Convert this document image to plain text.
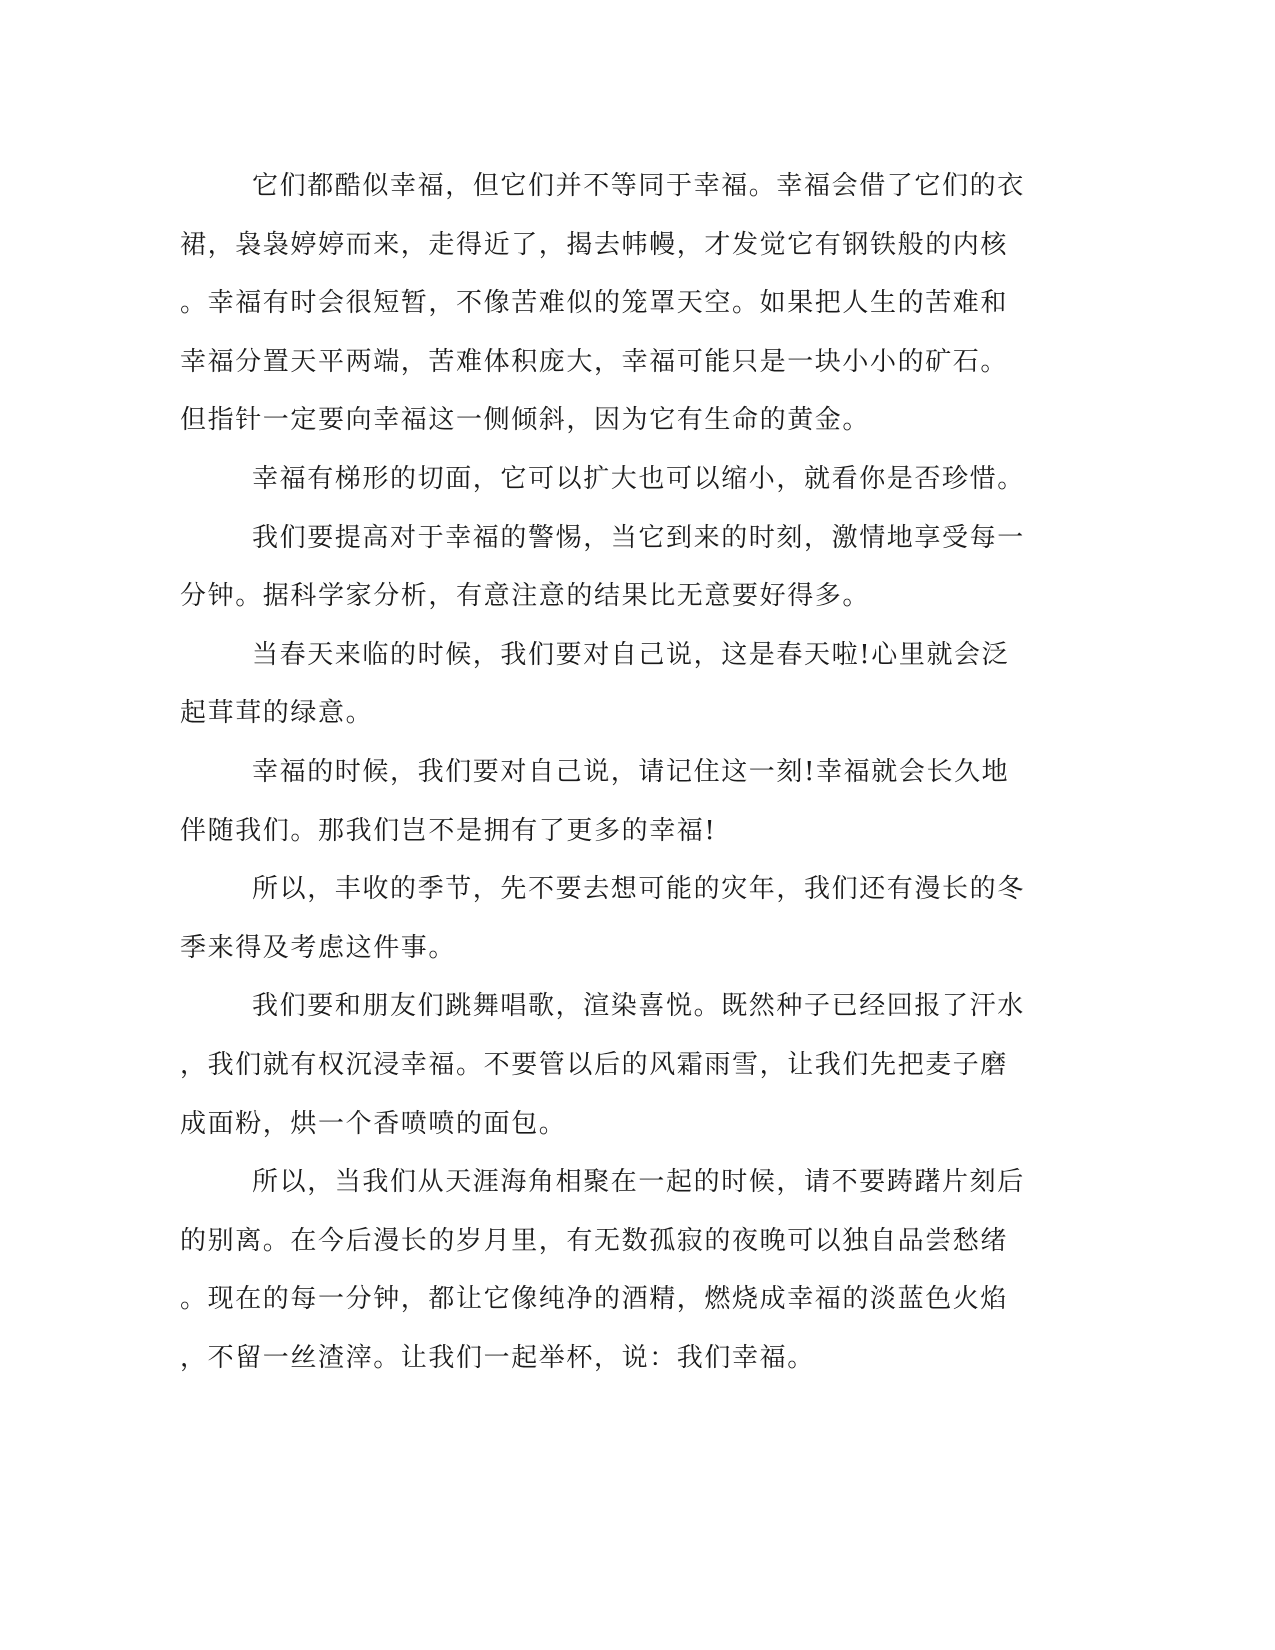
它们都酷似幸福，但它们并不等同于幸福。幸福会借了它们的衣
裙，袅袅婷婷而来，走得近了，揭去帏幔，才发觉它有钢铁般的内核
。幸福有时会很短暂，不像苦难似的笼罩天空。如果把人生的苦难和
幸福分置天平两端，苦难体积庞大，幸福可能只是一块小小的矿石。
但指针一定要向幸福这一侧倾斜，因为它有生命的黄金。
幸福有梯形的切面，它可以扩大也可以缩小，就看你是否珍惜。
我们要提高对于幸福的警惕，当它到来的时刻，激情地享受每一
分钟。据科学家分析，有意注意的结果比无意要好得多。
当春天来临的时候，我们要对自己说，这是春天啦!心里就会泛
起茸茸的绿意。
幸福的时候，我们要对自己说，请记住这一刻!幸福就会长久地
伴随我们。那我们岂不是拥有了更多的幸福!
所以，丰收的季节，先不要去想可能的灾年，我们还有漫长的冬
季来得及考虑这件事。
我们要和朋友们跳舞唱歌，渲染喜悦。既然种子已经回报了汗水
，我们就有权沉浸幸福。不要管以后的风霜雨雪，让我们先把麦子磨
成面粉，烘一个香喷喷的面包。
所以，当我们从天涯海角相聚在一起的时候，请不要踌躇片刻后
的别离。在今后漫长的岁月里，有无数孤寂的夜晚可以独自品尝愁绪
。现在的每一分钟，都让它像纯净的酒精，燃烧成幸福的淡蓝色火焰
，不留一丝渣滓。让我们一起举杯，说：我们幸福。
